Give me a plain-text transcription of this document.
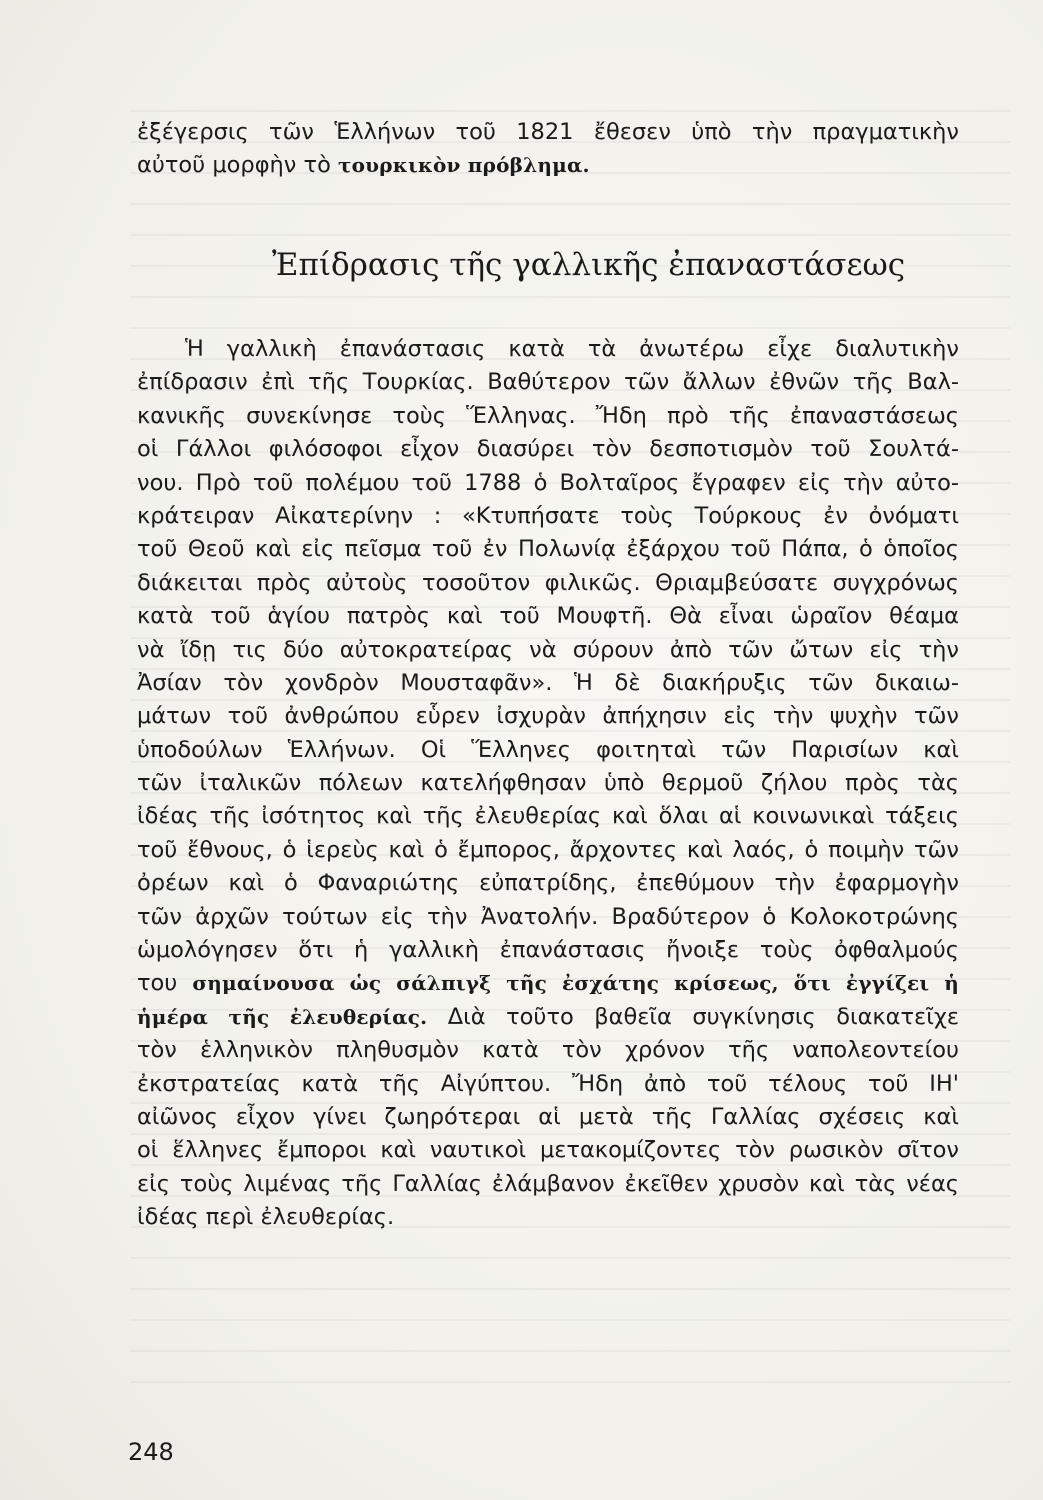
ἐξέγερσις τῶν Ἑλλήνων τοῦ 1821 ἔθεσεν ὑπὸ τὴν πραγματικὴν
αὐτοῦ μορφὴν τὸ τουρκικὸν πρόβλημα.
Ἐπίδρασις τῆς γαλλικῆς ἐπαναστάσεως
Ἡ γαλλικὴ ἐπανάστασις κατὰ τὰ ἀνωτέρω εἶχε διαλυτικὴν
ἐπίδρασιν ἐπὶ τῆς Τουρκίας. Βαθύτερον τῶν ἄλλων ἐθνῶν τῆς Βαλ-
κανικῆς συνεκίνησε τοὺς Ἕλληνας. Ἤδη πρὸ τῆς ἐπαναστάσεως
οἱ Γάλλοι φιλόσοφοι εἶχον διασύρει τὸν δεσποτισμὸν τοῦ Σουλτά-
νου. Πρὸ τοῦ πολέμου τοῦ 1788 ὁ Βολταῖρος ἔγραφεν εἰς τὴν αὐτο-
κράτειραν Αἰκατερίνην : «Κτυπήσατε τοὺς Τούρκους ἐν ὀνόματι
τοῦ Θεοῦ καὶ εἰς πεῖσμα τοῦ ἐν Πολωνίᾳ ἐξάρχου τοῦ Πάπα, ὁ ὁποῖος
διάκειται πρὸς αὐτοὺς τοσοῦτον φιλικῶς. Θριαμβεύσατε συγχρόνως
κατὰ τοῦ ἁγίου πατρὸς καὶ τοῦ Μουφτῆ. Θὰ εἶναι ὡραῖον θέαμα
νὰ ἴδῃ τις δύο αὐτοκρατείρας νὰ σύρουν ἀπὸ τῶν ὤτων εἰς τὴν
Ἀσίαν τὸν χονδρὸν Μουσταφᾶν». Ἡ δὲ διακήρυξις τῶν δικαιω-
μάτων τοῦ ἀνθρώπου εὗρεν ἰσχυρὰν ἀπήχησιν εἰς τὴν ψυχὴν τῶν
ὑποδούλων Ἑλλήνων. Οἱ Ἕλληνες φοιτηταὶ τῶν Παρισίων καὶ
τῶν ἰταλικῶν πόλεων κατελήφθησαν ὑπὸ θερμοῦ ζήλου πρὸς τὰς
ἰδέας τῆς ἰσότητος καὶ τῆς ἐλευθερίας καὶ ὅλαι αἱ κοινωνικαὶ τάξεις
τοῦ ἔθνους, ὁ ἱερεὺς καὶ ὁ ἔμπορος, ἄρχοντες καὶ λαός, ὁ ποιμὴν τῶν
ὀρέων καὶ ὁ Φαναριώτης εὐπατρίδης, ἐπεθύμουν τὴν ἐφαρμογὴν
τῶν ἀρχῶν τούτων εἰς τὴν Ἀνατολήν. Βραδύτερον ὁ Κολοκοτρώνης
ὡμολόγησεν ὅτι ἡ γαλλικὴ ἐπανάστασις ἤνοιξε τοὺς ὀφθαλμούς
του σημαίνουσα ὡς σάλπιγξ τῆς ἐσχάτης κρίσεως, ὅτι ἐγγίζει ἡ
ἡμέρα τῆς ἐλευθερίας. Διὰ τοῦτο βαθεῖα συγκίνησις διακατεῖχε
τὸν ἑλληνικὸν πληθυσμὸν κατὰ τὸν χρόνον τῆς ναπολεοντείου
ἐκστρατείας κατὰ τῆς Αἰγύπτου. Ἤδη ἀπὸ τοῦ τέλους τοῦ ΙΗ'
αἰῶνος εἶχον γίνει ζωηρότεραι αἱ μετὰ τῆς Γαλλίας σχέσεις καὶ
οἱ ἕλληνες ἔμποροι καὶ ναυτικοὶ μετακομίζοντες τὸν ρωσικὸν σῖτον
εἰς τοὺς λιμένας τῆς Γαλλίας ἐλάμβανον ἐκεῖθεν χρυσὸν καὶ τὰς νέας
ἰδέας περὶ ἐλευθερίας.
248
